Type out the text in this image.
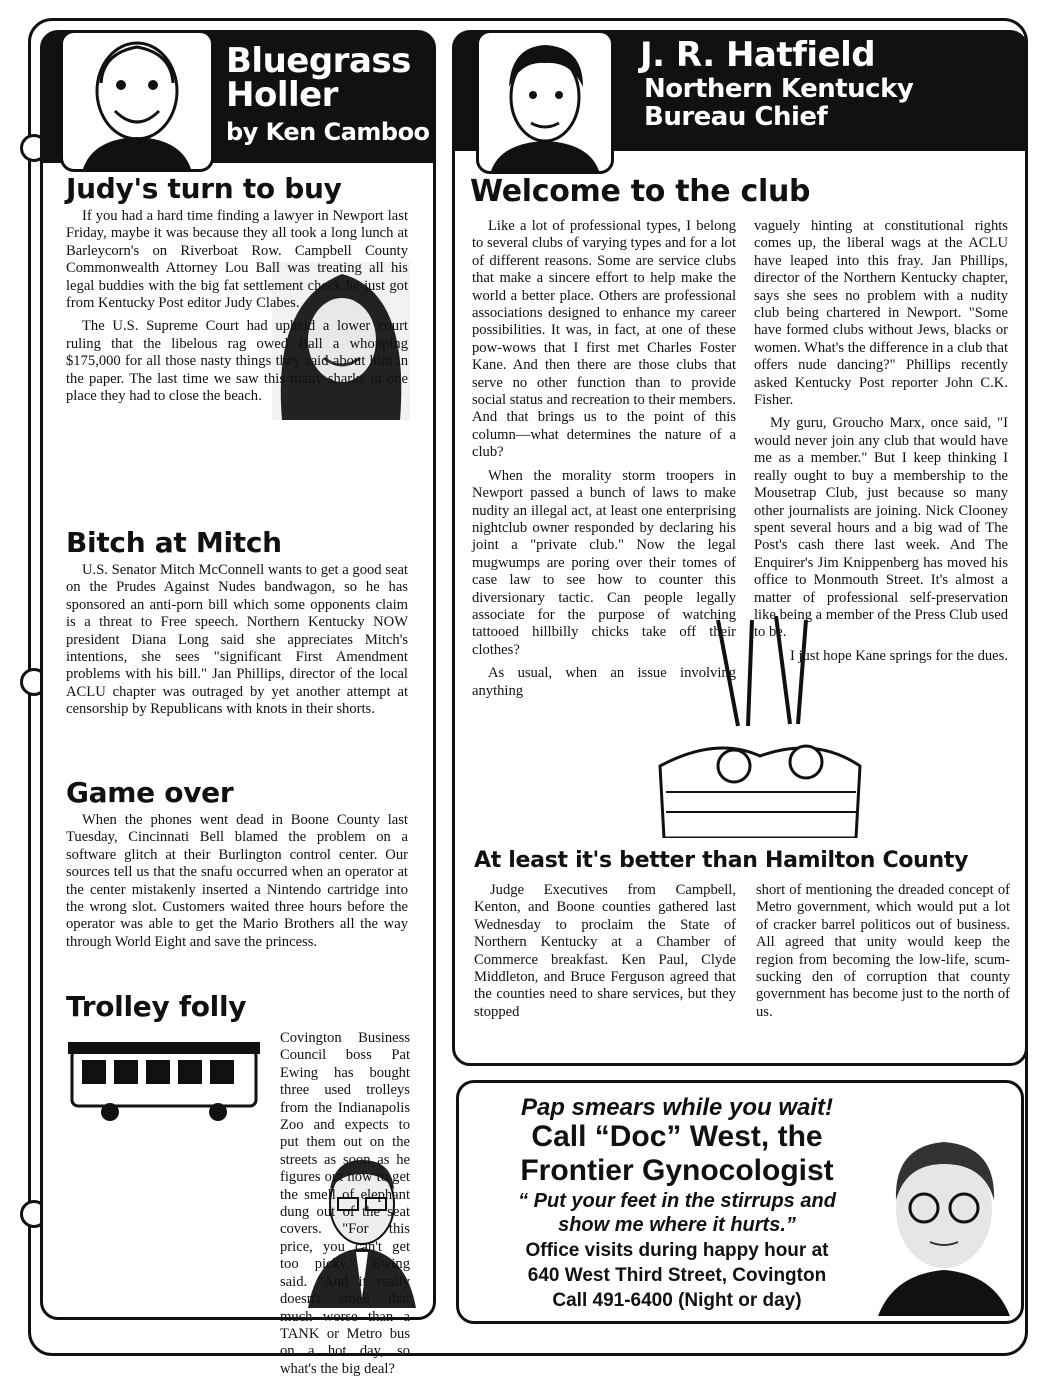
Bluegrass Holler
by Ken Camboo
Judy's turn to buy

If you had a hard time finding a lawyer in Newport last Friday, maybe it was because they all took a long lunch at Barleycorn's on Riverboat Row. Campbell County Commonwealth Attorney Lou Ball was treating all his legal buddies with the big fat settlement check he just got from Kentucky Post editor Judy Clabes.

The U.S. Supreme Court had upheld a lower court ruling that the libelous rag owed Ball a whopping $175,000 for all those nasty things they said about him in the paper. The last time we saw this many sharks in one place they had to close the beach.

Bitch at Mitch

U.S. Senator Mitch McConnell wants to get a good seat on the Prudes Against Nudes bandwagon, so he has sponsored an anti-porn bill which some opponents claim is a threat to Free speech. Northern Kentucky NOW president Diana Long said she appreciates Mitch's intentions, she sees "significant First Amendment problems with his bill." Jan Phillips, director of the local ACLU chapter was outraged by yet another attempt at censorship by Republicans with knots in their shorts.

Game over

When the phones went dead in Boone County last Tuesday, Cincinnati Bell blamed the problem on a software glitch at their Burlington control center. Our sources tell us that the snafu occurred when an operator at the center mistakenly inserted a Nintendo cartridge into the wrong slot. Customers waited three hours before the operator was able to get the Mario Brothers all the way through World Eight and save the princess.

Trolley folly

Covington Business Council boss Pat Ewing has bought three used trolleys from the Indianapolis Zoo and expects to put them out on the streets as soon as he figures out how to get the smell of elephant dung out of the seat covers. "For this price, you can't get too picky," Ewing said. "And it really doesn't smell that much worse than a TANK or Metro bus on a hot day, so what's the big deal?

J. R. Hatfield
Northern Kentucky
Bureau Chief
Welcome to the club

Like a lot of professional types, I belong to several clubs of varying types and for a lot of different reasons. Some are service clubs that make a sincere effort to help make the world a better place. Others are professional associations designed to enhance my career possibilities. It was, in fact, at one of these pow-wows that I first met Charles Foster Kane. And then there are those clubs that serve no other function than to provide social status and recreation to their members. And that brings us to the point of this column—what determines the nature of a club?

When the morality storm troopers in Newport passed a bunch of laws to make nudity an illegal act, at least one enterprising nightclub owner responded by declaring his joint a "private club." Now the legal mugwumps are poring over their tomes of case law to see how to counter this diversionary tactic. Can people legally associate for the purpose of watching tattooed hillbilly chicks take off their clothes?

As usual, when an issue involving anything

vaguely hinting at constitutional rights comes up, the liberal wags at the ACLU have leaped into this fray. Jan Phillips, director of the Northern Kentucky chapter, says she sees no problem with a nudity club being chartered in Newport. "Some have formed clubs without Jews, blacks or women. What's the difference in a club that offers nude dancing?" Phillips recently asked Kentucky Post reporter John C.K. Fisher.

My guru, Groucho Marx, once said, "I would never join any club that would have me as a member." But I keep thinking I really ought to buy a membership to the Mousetrap Club, just because so many other journalists are joining. Nick Clooney spent several hours and a big wad of The Post's cash there last week. And The Enquirer's Jim Knippenberg has moved his office to Monmouth Street. It's almost a matter of professional self-preservation like being a member of the Press Club used to be.

I just hope Kane springs for the dues.

At least it's better than Hamilton County

Judge Executives from Campbell, Kenton, and Boone counties gathered last Wednesday to proclaim the State of Northern Kentucky at a Chamber of Commerce breakfast. Ken Paul, Clyde Middleton, and Bruce Ferguson agreed that the counties need to share services, but they stopped

short of mentioning the dreaded concept of Metro government, which would put a lot of cracker barrel politicos out of business. All agreed that unity would keep the region from becoming the low-life, scum-sucking den of corruption that county government has become just to the north of us.

Pap smears while you wait!
Call “Doc” West, the
Frontier Gynocologist
“ Put your feet in the stirrups and
show me where it hurts.”
Office visits during happy hour at
640 West Third Street, Covington
Call 491-6400 (Night or day)
